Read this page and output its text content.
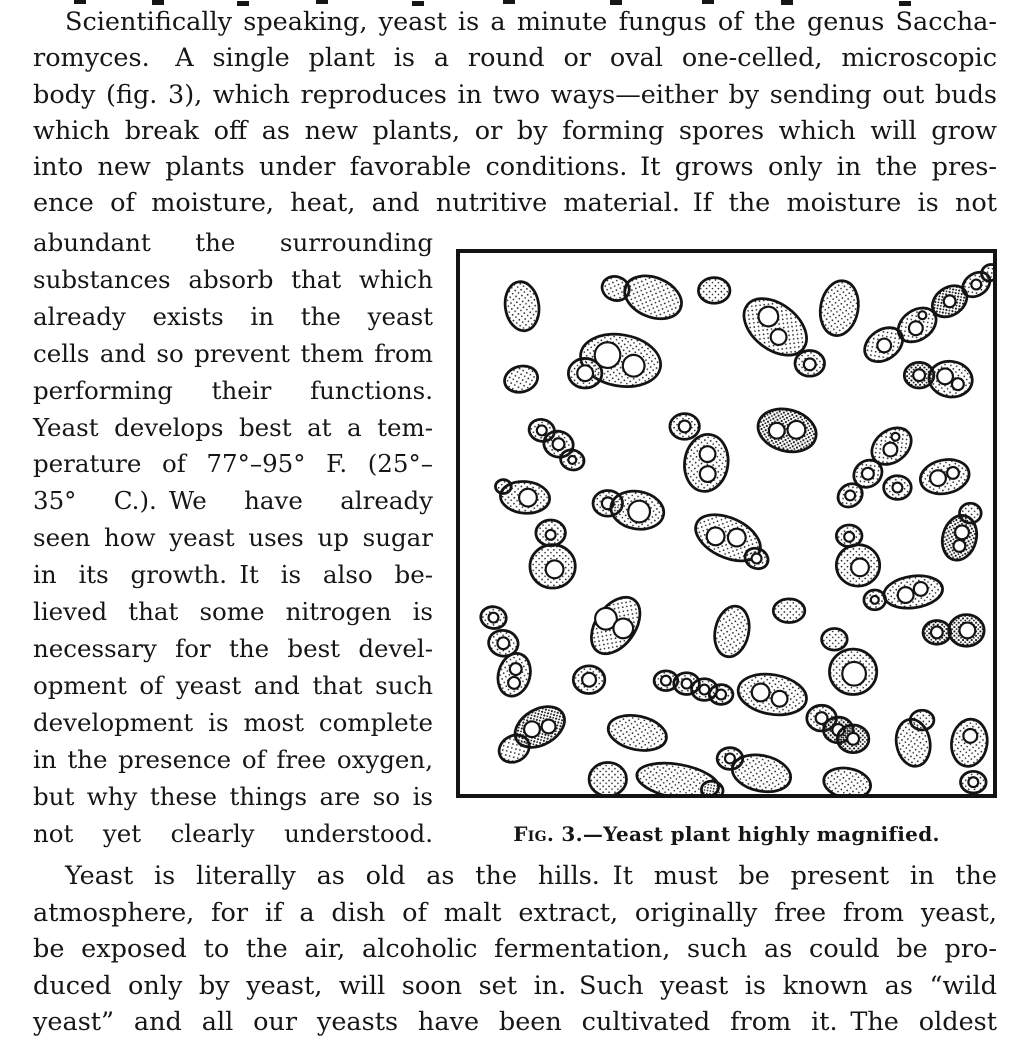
Scientifically speaking, yeast is a minute fungus of the genus Saccha-
romyces. A single plant is a round or oval one-celled, microscopic
body (fig. 3), which reproduces in two ways—either by sending out buds
which break off as new plants, or by forming spores which will grow
into new plants under favorable conditions. It grows only in the pres-
ence of moisture, heat, and nutritive material. If the moisture is not
abundant the surrounding
substances absorb that which
already exists in the yeast
cells and so prevent them from
performing their functions.
Yeast develops best at a tem-
perature of 77°–95° F. (25°–
35° C.). We have already
seen how yeast uses up sugar
in its growth. It is also be-
lieved that some nitrogen is
necessary for the best devel-
opment of yeast and that such
development is most complete
in the presence of free oxygen,
but why these things are so is
not yet clearly understood.	Fig. 3.—Yeast plant highly magnified.
Yeast is literally as old as the hills. It must be present in the
atmosphere, for if a dish of malt extract, originally free from yeast,
be exposed to the air, alcoholic fermentation, such as could be pro-
duced only by yeast, will soon set in. Such yeast is known as “wild
yeast” and all our yeasts have been cultivated from it. The oldest
